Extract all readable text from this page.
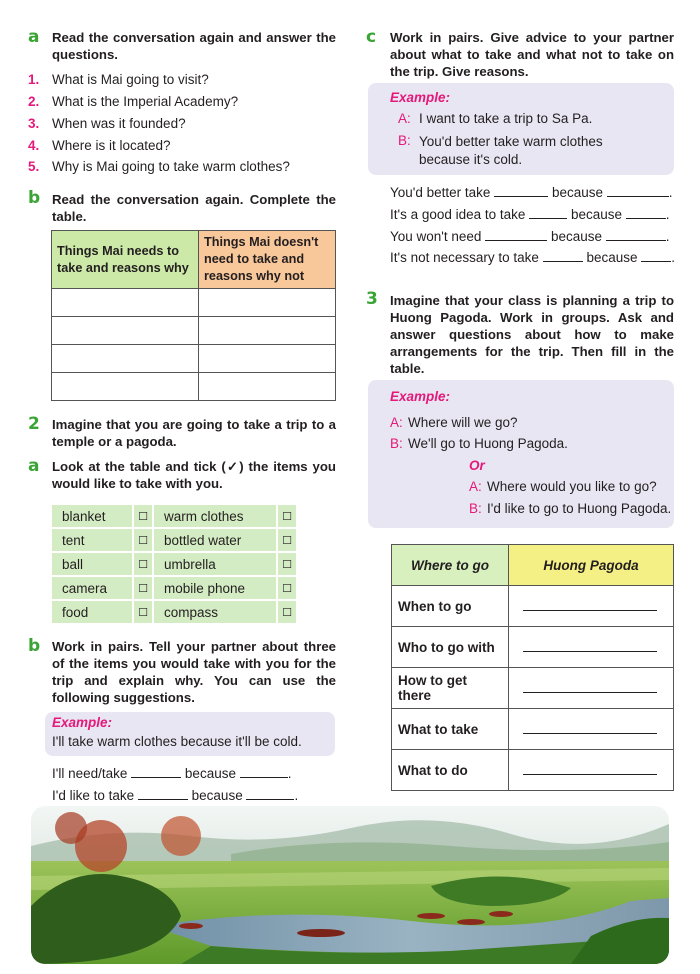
a Read the conversation again and answer the questions.
1. What is Mai going to visit?
2. What is the Imperial Academy?
3. When was it founded?
4. Where is it located?
5. Why is Mai going to take warm clothes?
b Read the conversation again. Complete the table.
Things Mai needs to take and reasons why	Things Mai doesn't need to take and reasons why not

2 Imagine that you are going to take a trip to a temple or a pagoda.
a Look at the table and tick (✓) the items you would like to take with you.
blanket	☐	warm clothes	☐
tent	☐	bottled water	☐
ball	☐	umbrella	☐
camera	☐	mobile phone	☐
food	☐	compass	☐
b Work in pairs. Tell your partner about three of the items you would take with you for the trip and explain why. You can use the following suggestions.
Example:
I'll take warm clothes because it'll be cold.
I'll need/take	because	.
I'd like to take	because	.
c Work in pairs. Give advice to your partner about what to take and what not to take on the trip. Give reasons.
Example:
A: I want to take a trip to Sa Pa.
B: You'd better take warm clothes because it's cold.
You'd better take	because	.
It's a good idea to take	because	.
You won't need	because	.
It's not necessary to take	because	.
3 Imagine that your class is planning a trip to Huong Pagoda. Work in groups. Ask and answer questions about how to make arrangements for the trip. Then fill in the table.
Example:
A: Where will we go?
B: We'll go to Huong Pagoda.
Or
A: Where would you like to go?
B: I'd like to go to Huong Pagoda.
Where to go	Huong Pagoda
When to go	
Who to go with	
How to get there	
What to take	
What to do	
